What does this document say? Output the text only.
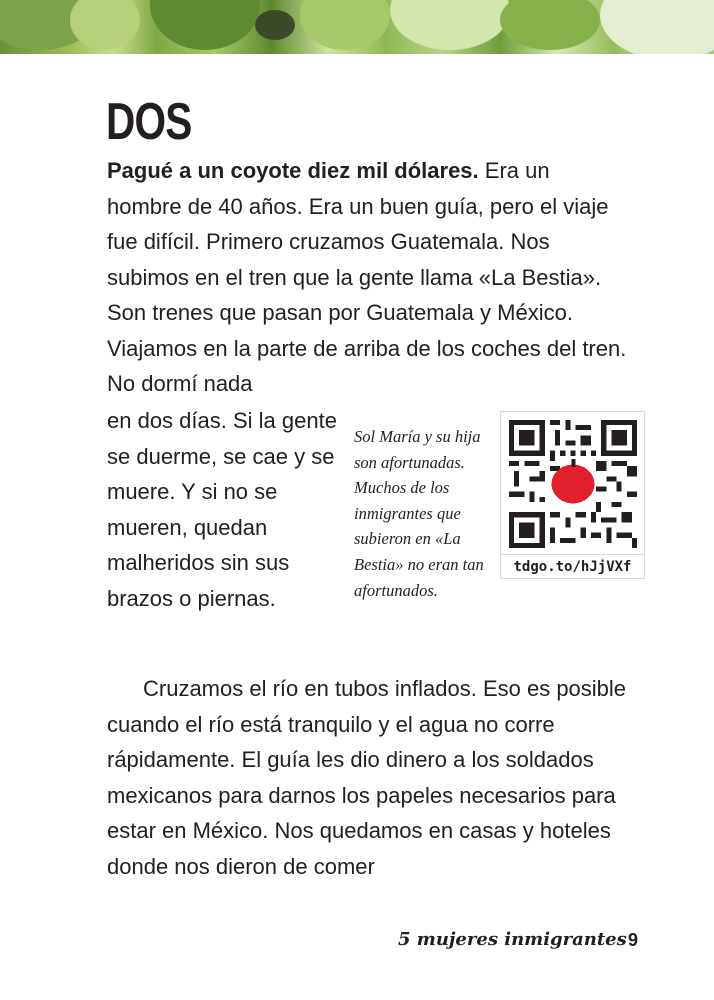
DOS

Pagué a un coyote diez mil dólares. Era un hombre de 40 años. Era un buen guía, pero el viaje fue difícil. Primero cruzamos Guatemala. Nos subimos en el tren que la gente llama «La Bestia». Son trenes que pasan por Guatemala y México. Viajamos en la parte de arriba de los coches del tren. No dormí nada

en dos días. Si la gente se duerme, se cae y se muere. Y si no se mueren, quedan malheridos sin sus brazos o piernas.

Sol María y su hija son afortunadas. Muchos de los inmigrantes que subieron en «La Bestia» no eran tan afortunados.

tdgo.to/hJjVXf

Cruzamos el río en tubos inflados. Eso es posible cuando el río está tranquilo y el agua no corre rápidamente. El guía les dio dinero a los soldados mexicanos para darnos los papeles necesarios para estar en México. Nos quedamos en casas y hoteles donde nos dieron de comer

5 mujeres inmigrantes 9
